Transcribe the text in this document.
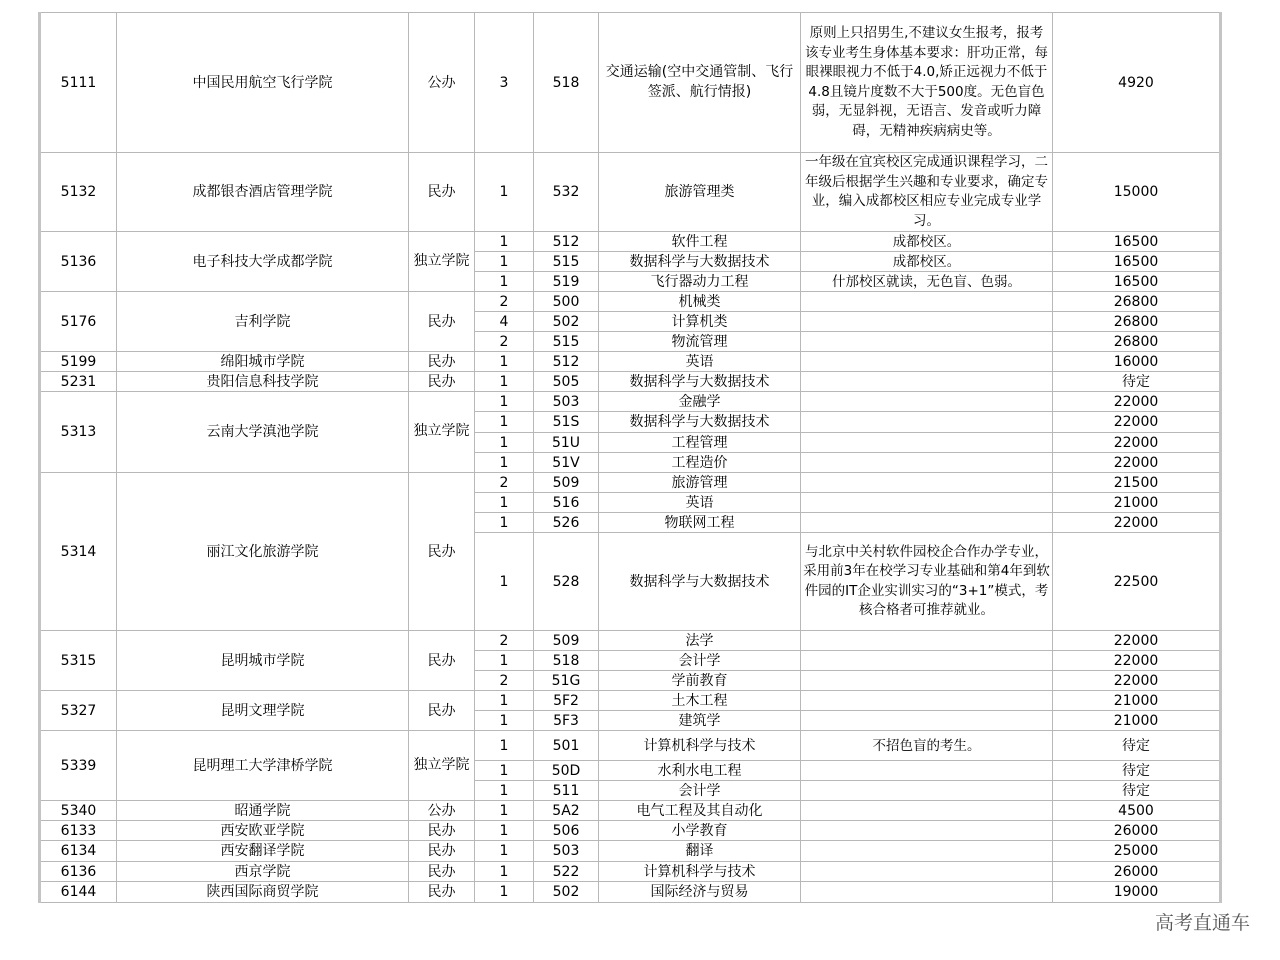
5111	中国民用航空飞行学院	公办	3	518	交通运输(空中交通管制、飞行签派、航行情报)	原则上只招男生,不建议女生报考，报考该专业考生身体基本要求：肝功正常，每眼裸眼视力不低于4.0,矫正远视力不低于4.8且镜片度数不大于500度。无色盲色弱，无显斜视，无语言、发音或听力障碍，无精神疾病病史等。	4920
5132	成都银杏酒店管理学院	民办	1	532	旅游管理类	一年级在宜宾校区完成通识课程学习，二年级后根据学生兴趣和专业要求，确定专业，编入成都校区相应专业完成专业学习。	15000
5136	电子科技大学成都学院	独立学院	1	512	软件工程	成都校区。	16500
			1	515	数据科学与大数据技术	成都校区。	16500
			1	519	飞行器动力工程	什邡校区就读，无色盲、色弱。	16500
5176	吉利学院	民办	2	500	机械类		26800
			4	502	计算机类		26800
			2	515	物流管理		26800
5199	绵阳城市学院	民办	1	512	英语		16000
5231	贵阳信息科技学院	民办	1	505	数据科学与大数据技术		待定
5313	云南大学滇池学院	独立学院	1	503	金融学		22000
			1	51S	数据科学与大数据技术		22000
			1	51U	工程管理		22000
			1	51V	工程造价		22000
5314	丽江文化旅游学院	民办	2	509	旅游管理		21500
			1	516	英语		21000
			1	526	物联网工程		22000
			1	528	数据科学与大数据技术	与北京中关村软件园校企合作办学专业，采用前3年在校学习专业基础和第4年到软件园的IT企业实训实习的“3+1”模式，考核合格者可推荐就业。	22500
5315	昆明城市学院	民办	2	509	法学		22000
			1	518	会计学		22000
			2	51G	学前教育		22000
5327	昆明文理学院	民办	1	5F2	土木工程		21000
			1	5F3	建筑学		21000
5339	昆明理工大学津桥学院	独立学院	1	501	计算机科学与技术	不招色盲的考生。	待定
			1	50D	水利水电工程		待定
			1	511	会计学		待定
5340	昭通学院	公办	1	5A2	电气工程及其自动化		4500
6133	西安欧亚学院	民办	1	506	小学教育		26000
6134	西安翻译学院	民办	1	503	翻译		25000
6136	西京学院	民办	1	522	计算机科学与技术		26000
6144	陕西国际商贸学院	民办	1	502	国际经济与贸易		19000
高考直通车
